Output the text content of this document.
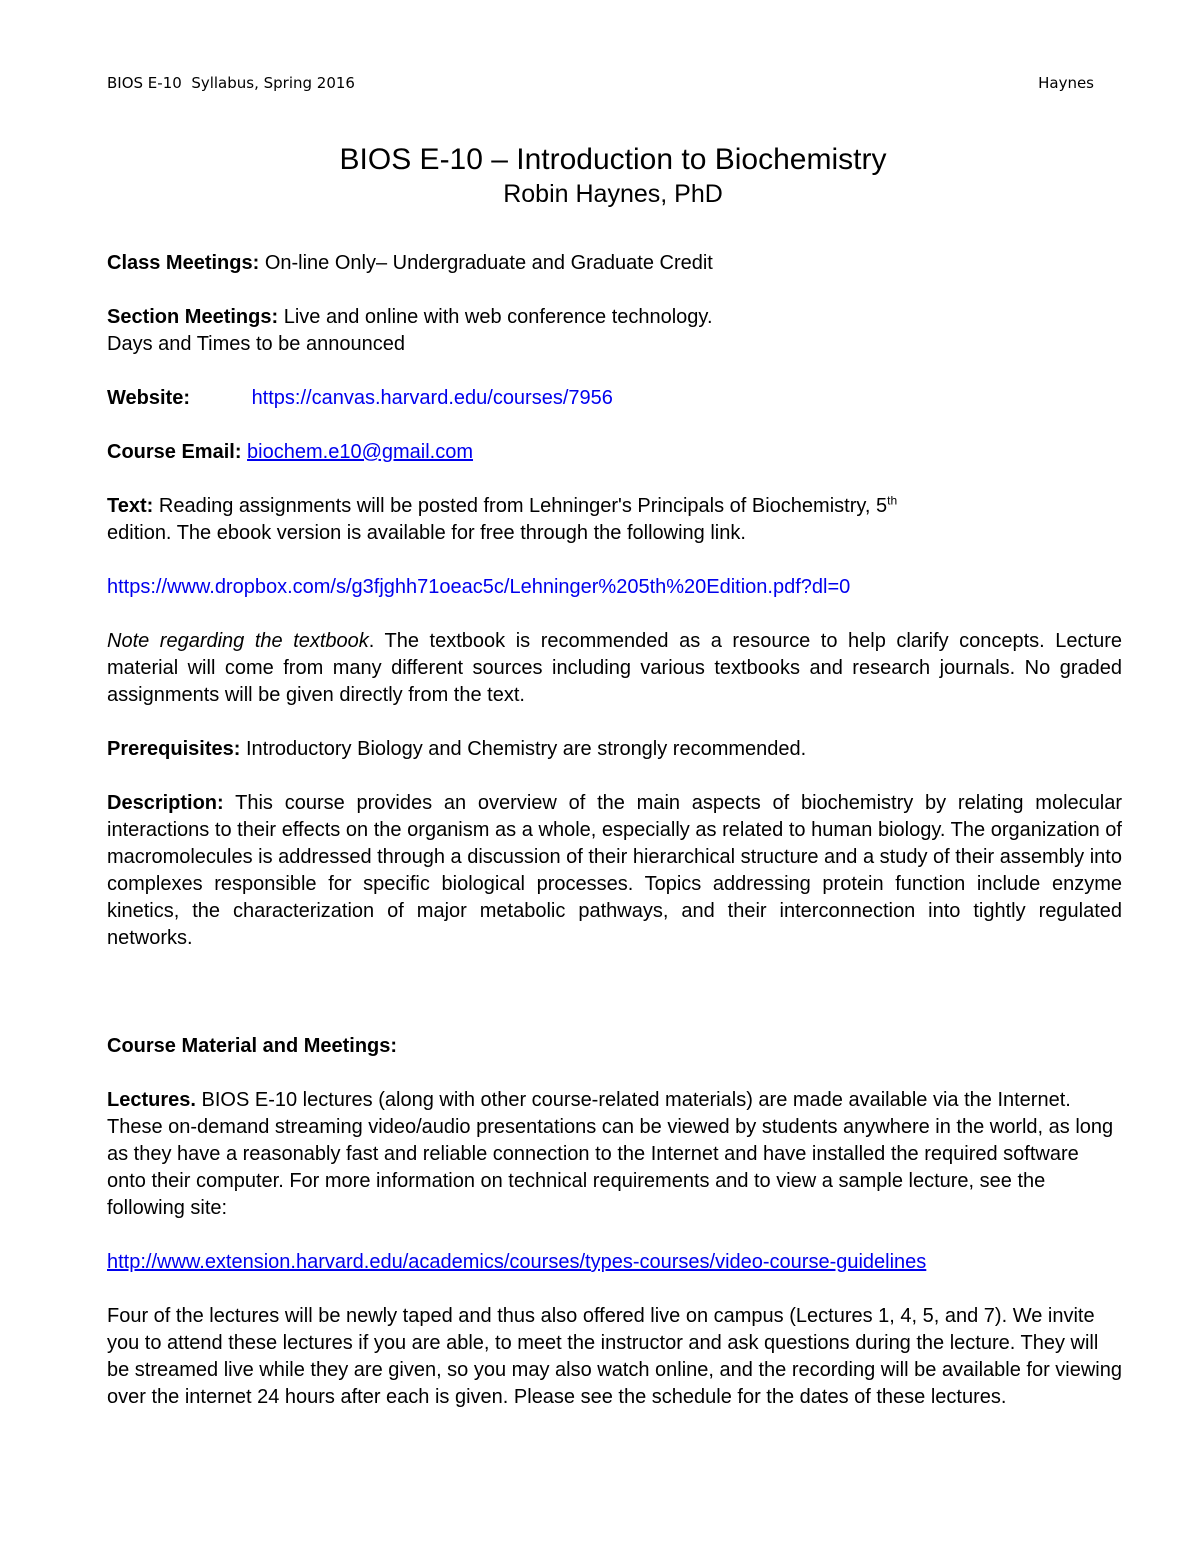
BIOS E-10  Syllabus, Spring 2016	Haynes
BIOS E-10 – Introduction to Biochemistry
Robin Haynes, PhD

Class Meetings: On-line Only– Undergraduate and Graduate Credit

Section Meetings: Live and online with web conference technology.
Days and Times to be announced

Website:	https://canvas.harvard.edu/courses/7956

Course Email: biochem.e10@gmail.com

Text: Reading assignments will be posted from Lehninger's Principals of Biochemistry, 5th
edition. The ebook version is available for free through the following link.

https://www.dropbox.com/s/g3fjghh71oeac5c/Lehninger%205th%20Edition.pdf?dl=0

Note regarding the textbook. The textbook is recommended as a resource to help clarify concepts. Lecture material will come from many different sources including various textbooks and research journals. No graded assignments will be given directly from the text.

Prerequisites: Introductory Biology and Chemistry are strongly recommended.

Description: This course provides an overview of the main aspects of biochemistry by relating molecular interactions to their effects on the organism as a whole, especially as related to human biology. The organization of macromolecules is addressed through a discussion of their hierarchical structure and a study of their assembly into complexes responsible for specific biological processes. Topics addressing protein function include enzyme kinetics, the characterization of major metabolic pathways, and their interconnection into tightly regulated networks.

Course Material and Meetings:

Lectures. BIOS E-10 lectures (along with other course-related materials) are made available via the Internet. These on-demand streaming video/audio presentations can be viewed by students anywhere in the world, as long as they have a reasonably fast and reliable connection to the Internet and have installed the required software onto their computer. For more information on technical requirements and to view a sample lecture, see the following site:

http://www.extension.harvard.edu/academics/courses/types-courses/video-course-guidelines

Four of the lectures will be newly taped and thus also offered live on campus (Lectures 1, 4, 5, and 7). We invite you to attend these lectures if you are able, to meet the instructor and ask questions during the lecture. They will be streamed live while they are given, so you may also watch online, and the recording will be available for viewing over the internet 24 hours after each is given. Please see the schedule for the dates of these lectures.
